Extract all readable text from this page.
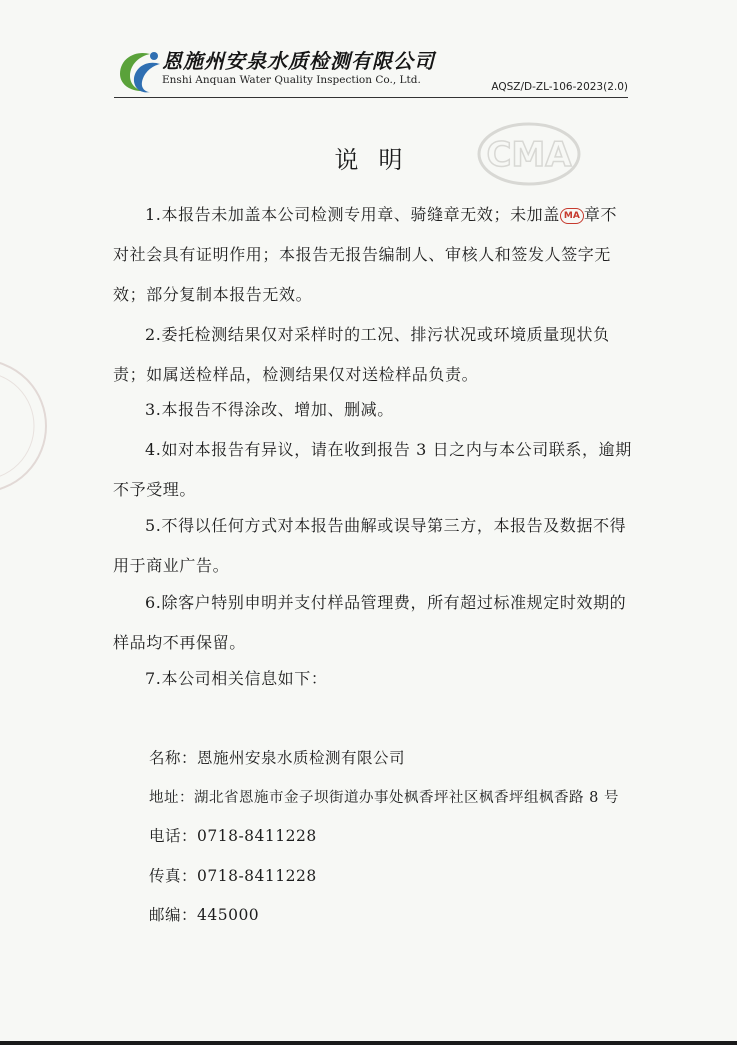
恩施州安泉水质检测有限公司
Enshi Anquan Water Quality Inspection Co., Ltd.
AQSZ/D-ZL-106-2023(2.0)
CMA
说明
1.本报告未加盖本公司检测专用章、骑缝章无效；未加盖 MA 章不对社会具有证明作用；本报告无报告编制人、审核人和签发人签字无效；部分复制本报告无效。
2.委托检测结果仅对采样时的工况、排污状况或环境质量现状负责；如属送检样品，检测结果仅对送检样品负责。
3.本报告不得涂改、增加、删减。
4.如对本报告有异议，请在收到报告 3 日之内与本公司联系，逾期不予受理。
5.不得以任何方式对本报告曲解或误导第三方，本报告及数据不得用于商业广告。
6.除客户特别申明并支付样品管理费，所有超过标准规定时效期的样品均不再保留。
7.本公司相关信息如下：
名称：恩施州安泉水质检测有限公司
地址：湖北省恩施市金子坝街道办事处枫香坪社区枫香坪组枫香路 8 号
电话：0718-8411228
传真：0718-8411228
邮编：445000
